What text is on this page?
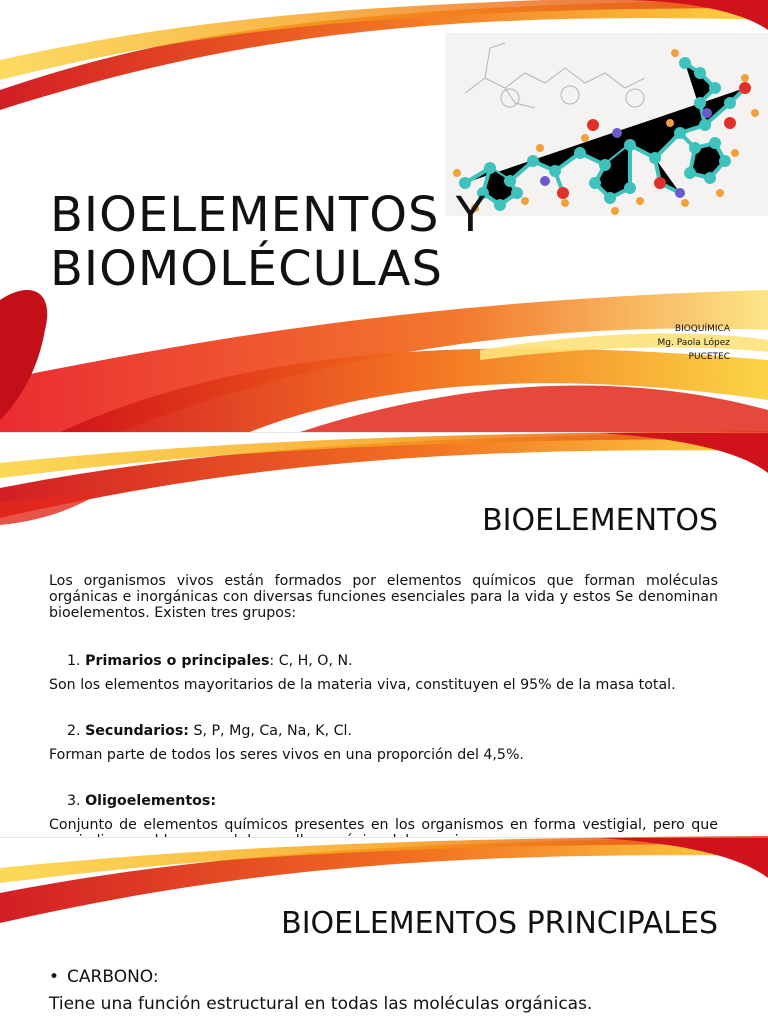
BIOELEMENTOS Y
BIOMOLÉCULAS
BIOQUÍMICA
Mg. Paola López
PUCETEC
BIOELEMENTOS

Los organismos vivos están formados por elementos químicos que forman moléculas orgánicas e inorgánicas con diversas funciones esenciales para la vida y estos Se denominan bioelementos. Existen tres grupos:

1. Primarios o principales: C, H, O, N.

Son los elementos mayoritarios de la materia viva, constituyen el 95% de la masa total.

2. Secundarios: S, P, Mg, Ca, Na, K, Cl.

Forman parte de todos los seres vivos en una proporción del 4,5%.

3. Oligoelementos:

Conjunto de elementos químicos presentes en los organismos en forma vestigial, pero que

BIOELEMENTOS PRINCIPALES
• CARBONO:
Tiene una función estructural en todas las moléculas orgánicas.
